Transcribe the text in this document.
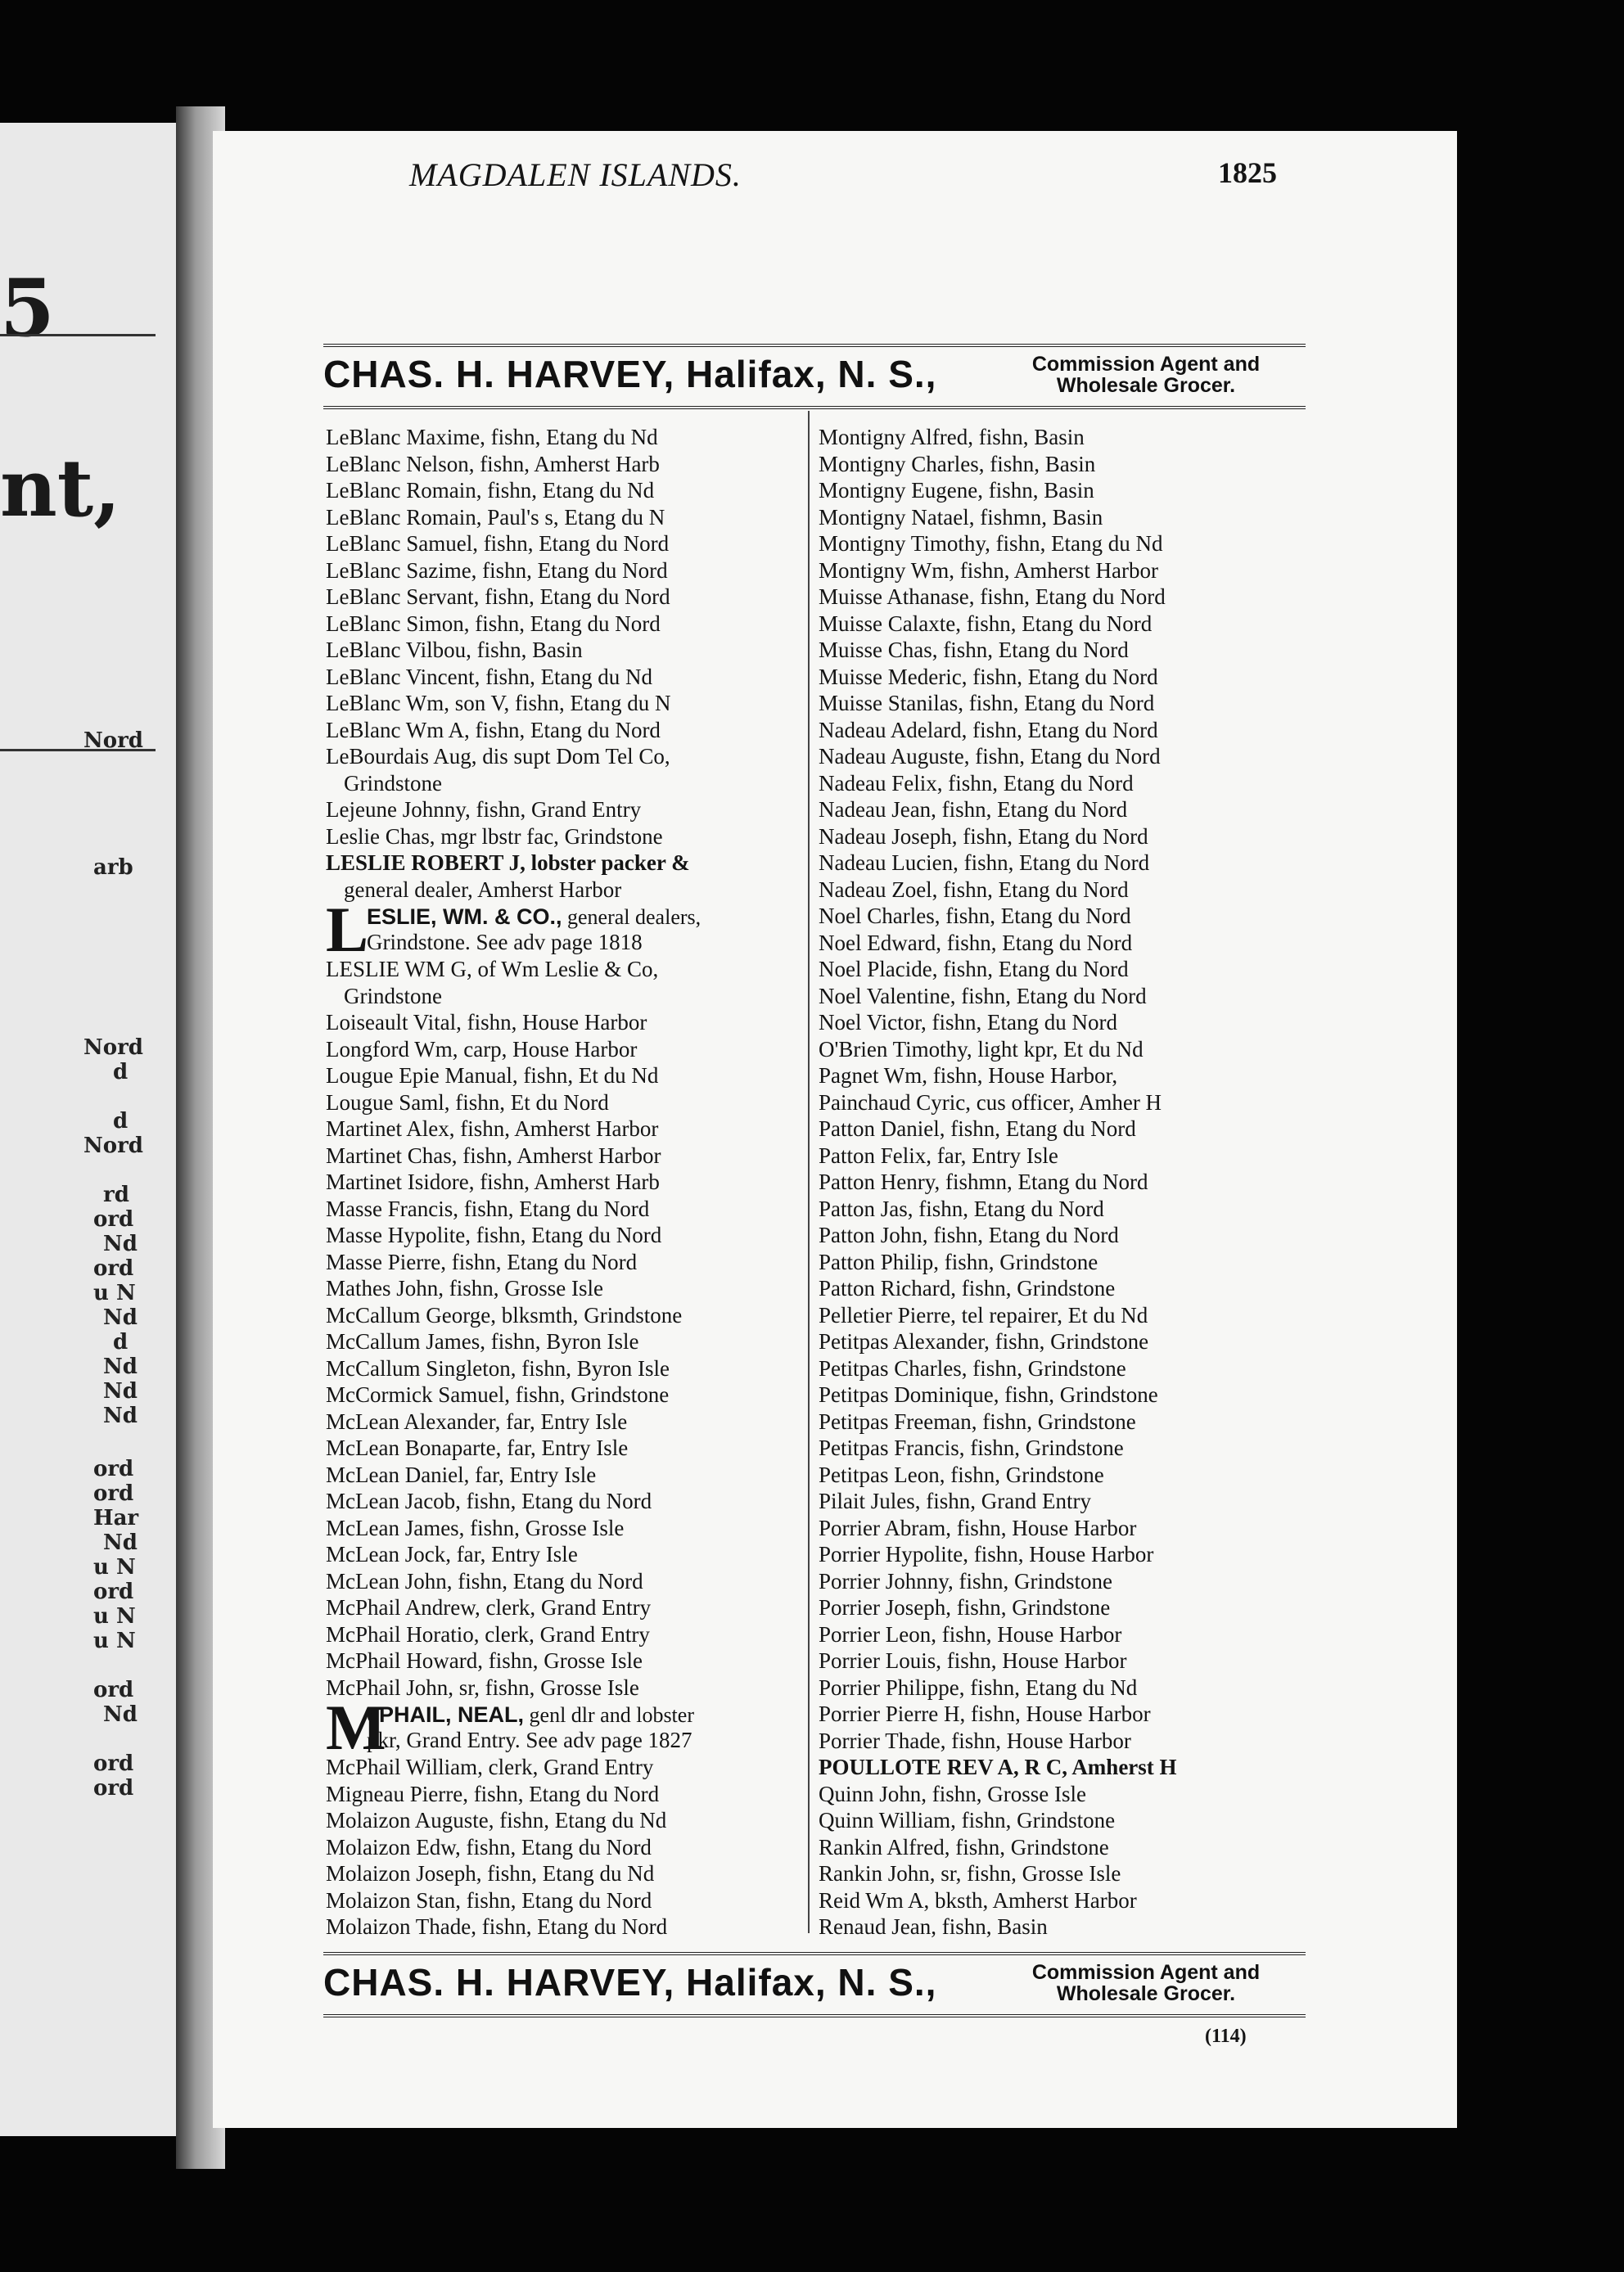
5
nt,
Nord
arb
Nord
d
d
Nord
rd
ord
Nd
ord
u N
Nd
d
Nd
Nd
Nd
ord
ord
Har
Nd
u N
ord
u N
u N
ord
Nd
ord
ord
MAGDALEN ISLANDS.	1825
CHAS. H. HARVEY, Halifax, N. S.,	Commission Agent and
Wholesale Grocer.
LeBlanc Maxime, fishn, Etang du Nd
LeBlanc Nelson, fishn, Amherst Harb
LeBlanc Romain, fishn, Etang du Nd
LeBlanc Romain, Paul's s, Etang du N
LeBlanc Samuel, fishn, Etang du Nord
LeBlanc Sazime, fishn, Etang du Nord
LeBlanc Servant, fishn, Etang du Nord
LeBlanc Simon, fishn, Etang du Nord
LeBlanc Vilbou, fishn, Basin
LeBlanc Vincent, fishn, Etang du Nd
LeBlanc Wm, son V, fishn, Etang du N
LeBlanc Wm A, fishn, Etang du Nord
LeBourdais Aug, dis supt Dom Tel Co,
Grindstone
Lejeune Johnny, fishn, Grand Entry
Leslie Chas, mgr lbstr fac, Grindstone
LESLIE ROBERT J, lobster packer &
general dealer, Amherst Harbor
L
ESLIE, WM. & CO., general dealers,
Grindstone. See adv page 1818
LESLIE WM G, of Wm Leslie & Co,
Grindstone
Loiseault Vital, fishn, House Harbor
Longford Wm, carp, House Harbor
Lougue Epie Manual, fishn, Et du Nd
Lougue Saml, fishn, Et du Nord
Martinet Alex, fishn, Amherst Harbor
Martinet Chas, fishn, Amherst Harbor
Martinet Isidore, fishn, Amherst Harb
Masse Francis, fishn, Etang du Nord
Masse Hypolite, fishn, Etang du Nord
Masse Pierre, fishn, Etang du Nord
Mathes John, fishn, Grosse Isle
McCallum George, blksmth, Grindstone
McCallum James, fishn, Byron Isle
McCallum Singleton, fishn, Byron Isle
McCormick Samuel, fishn, Grindstone
McLean Alexander, far, Entry Isle
McLean Bonaparte, far, Entry Isle
McLean Daniel, far, Entry Isle
McLean Jacob, fishn, Etang du Nord
McLean James, fishn, Grosse Isle
McLean Jock, far, Entry Isle
McLean John, fishn, Etang du Nord
McPhail Andrew, clerk, Grand Entry
McPhail Horatio, clerk, Grand Entry
McPhail Howard, fishn, Grosse Isle
McPhail John, sr, fishn, Grosse Isle
M
cPHAIL, NEAL, genl dlr and lobster
pkr, Grand Entry. See adv page 1827
McPhail William, clerk, Grand Entry
Migneau Pierre, fishn, Etang du Nord
Molaizon Auguste, fishn, Etang du Nd
Molaizon Edw, fishn, Etang du Nord
Molaizon Joseph, fishn, Etang du Nd
Molaizon Stan, fishn, Etang du Nord
Molaizon Thade, fishn, Etang du Nord
Montigny Alfred, fishn, Basin
Montigny Charles, fishn, Basin
Montigny Eugene, fishn, Basin
Montigny Natael, fishmn, Basin
Montigny Timothy, fishn, Etang du Nd
Montigny Wm, fishn, Amherst Harbor
Muisse Athanase, fishn, Etang du Nord
Muisse Calaxte, fishn, Etang du Nord
Muisse Chas, fishn, Etang du Nord
Muisse Mederic, fishn, Etang du Nord
Muisse Stanilas, fishn, Etang du Nord
Nadeau Adelard, fishn, Etang du Nord
Nadeau Auguste, fishn, Etang du Nord
Nadeau Felix, fishn, Etang du Nord
Nadeau Jean, fishn, Etang du Nord
Nadeau Joseph, fishn, Etang du Nord
Nadeau Lucien, fishn, Etang du Nord
Nadeau Zoel, fishn, Etang du Nord
Noel Charles, fishn, Etang du Nord
Noel Edward, fishn, Etang du Nord
Noel Placide, fishn, Etang du Nord
Noel Valentine, fishn, Etang du Nord
Noel Victor, fishn, Etang du Nord
O'Brien Timothy, light kpr, Et du Nd
Pagnet Wm, fishn, House Harbor,
Painchaud Cyric, cus officer, Amher H
Patton Daniel, fishn, Etang du Nord
Patton Felix, far, Entry Isle
Patton Henry, fishmn, Etang du Nord
Patton Jas, fishn, Etang du Nord
Patton John, fishn, Etang du Nord
Patton Philip, fishn, Grindstone
Patton Richard, fishn, Grindstone
Pelletier Pierre, tel repairer, Et du Nd
Petitpas Alexander, fishn, Grindstone
Petitpas Charles, fishn, Grindstone
Petitpas Dominique, fishn, Grindstone
Petitpas Freeman, fishn, Grindstone
Petitpas Francis, fishn, Grindstone
Petitpas Leon, fishn, Grindstone
Pilait Jules, fishn, Grand Entry
Porrier Abram, fishn, House Harbor
Porrier Hypolite, fishn, House Harbor
Porrier Johnny, fishn, Grindstone
Porrier Joseph, fishn, Grindstone
Porrier Leon, fishn, House Harbor
Porrier Louis, fishn, House Harbor
Porrier Philippe, fishn, Etang du Nd
Porrier Pierre H, fishn, House Harbor
Porrier Thade, fishn, House Harbor
POULLOTE REV A, R C, Amherst H
Quinn John, fishn, Grosse Isle
Quinn William, fishn, Grindstone
Rankin Alfred, fishn, Grindstone
Rankin John, sr, fishn, Grosse Isle
Reid Wm A, bksth, Amherst Harbor
Renaud Jean, fishn, Basin
CHAS. H. HARVEY, Halifax, N. S.,	Commission Agent and
Wholesale Grocer.
(114)
